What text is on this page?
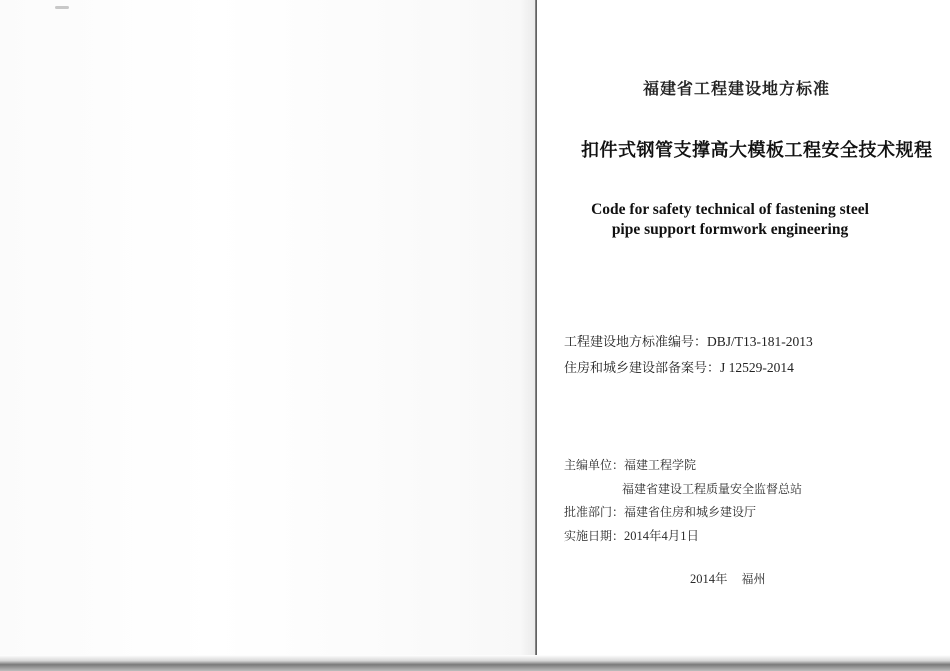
福建省工程建设地方标准
扣件式钢管支撑高大模板工程安全技术规程
Code for safety technical of fastening steel
pipe support formwork engineering
工程建设地方标准编号：DBJ/T13-181-2013
住房和城乡建设部备案号：J 12529-2014
主编单位：福建工程学院
福建省建设工程质量安全监督总站
批准部门：福建省住房和城乡建设厅
实施日期：2014年4月1日
2014年 福州
